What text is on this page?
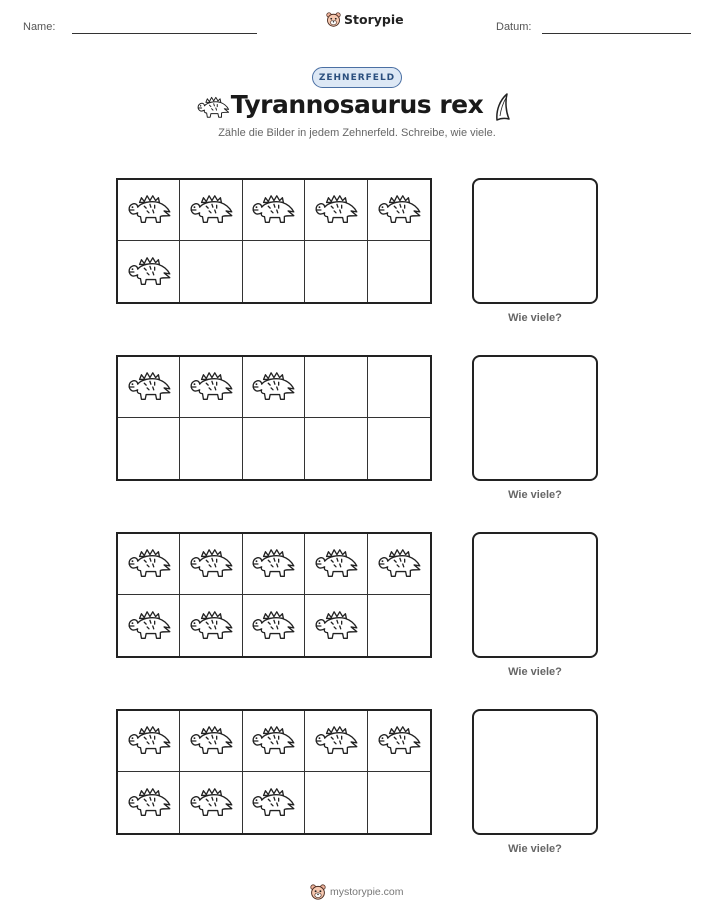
Name:	Storypie	Datum:
ZEHNERFELD
Tyrannosaurus rex
Zähle die Bilder in jedem Zehnerfeld. Schreibe, wie viele.
Wie viele?
Wie viele?
Wie viele?
Wie viele?
mystorypie.com
